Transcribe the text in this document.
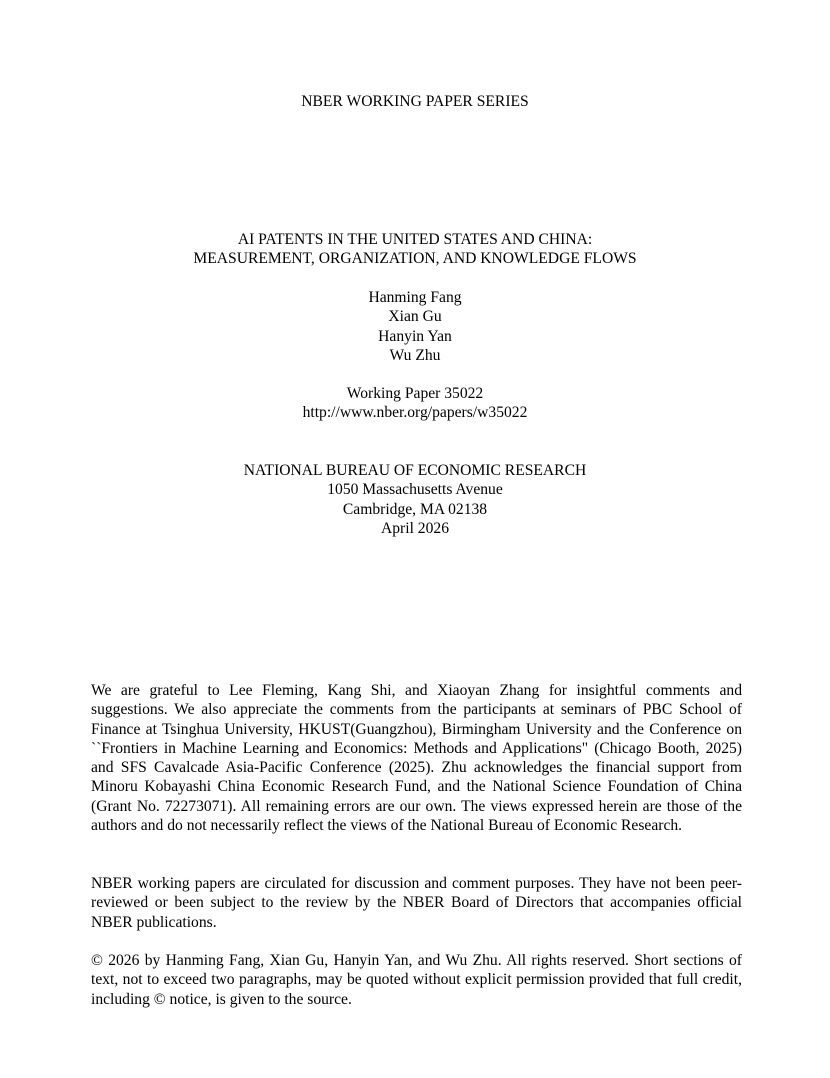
NBER WORKING PAPER SERIES
AI PATENTS IN THE UNITED STATES AND CHINA:
MEASUREMENT, ORGANIZATION, AND KNOWLEDGE FLOWS
Hanming Fang
Xian Gu
Hanyin Yan
Wu Zhu
Working Paper 35022
http://www.nber.org/papers/w35022
NATIONAL BUREAU OF ECONOMIC RESEARCH
1050 Massachusetts Avenue
Cambridge, MA 02138
April 2026

We are grateful to Lee Fleming, Kang Shi, and Xiaoyan Zhang for insightful comments and suggestions. We also appreciate the comments from the participants at seminars of PBC School of Finance at Tsinghua University, HKUST(Guangzhou), Birmingham University and the Conference on ``Frontiers in Machine Learning and Economics: Methods and Applications" (Chicago Booth, 2025) and SFS Cavalcade Asia-Pacific Conference (2025). Zhu acknowledges the financial support from Minoru Kobayashi China Economic Research Fund, and the National Science Foundation of China (Grant No. 72273071). All remaining errors are our own. The views expressed herein are those of the authors and do not necessarily reflect the views of the National Bureau of Economic Research.

NBER working papers are circulated for discussion and comment purposes. They have not been peer-reviewed or been subject to the review by the NBER Board of Directors that accompanies official NBER publications.

© 2026 by Hanming Fang, Xian Gu, Hanyin Yan, and Wu Zhu. All rights reserved. Short sections of text, not to exceed two paragraphs, may be quoted without explicit permission provided that full credit, including © notice, is given to the source.
